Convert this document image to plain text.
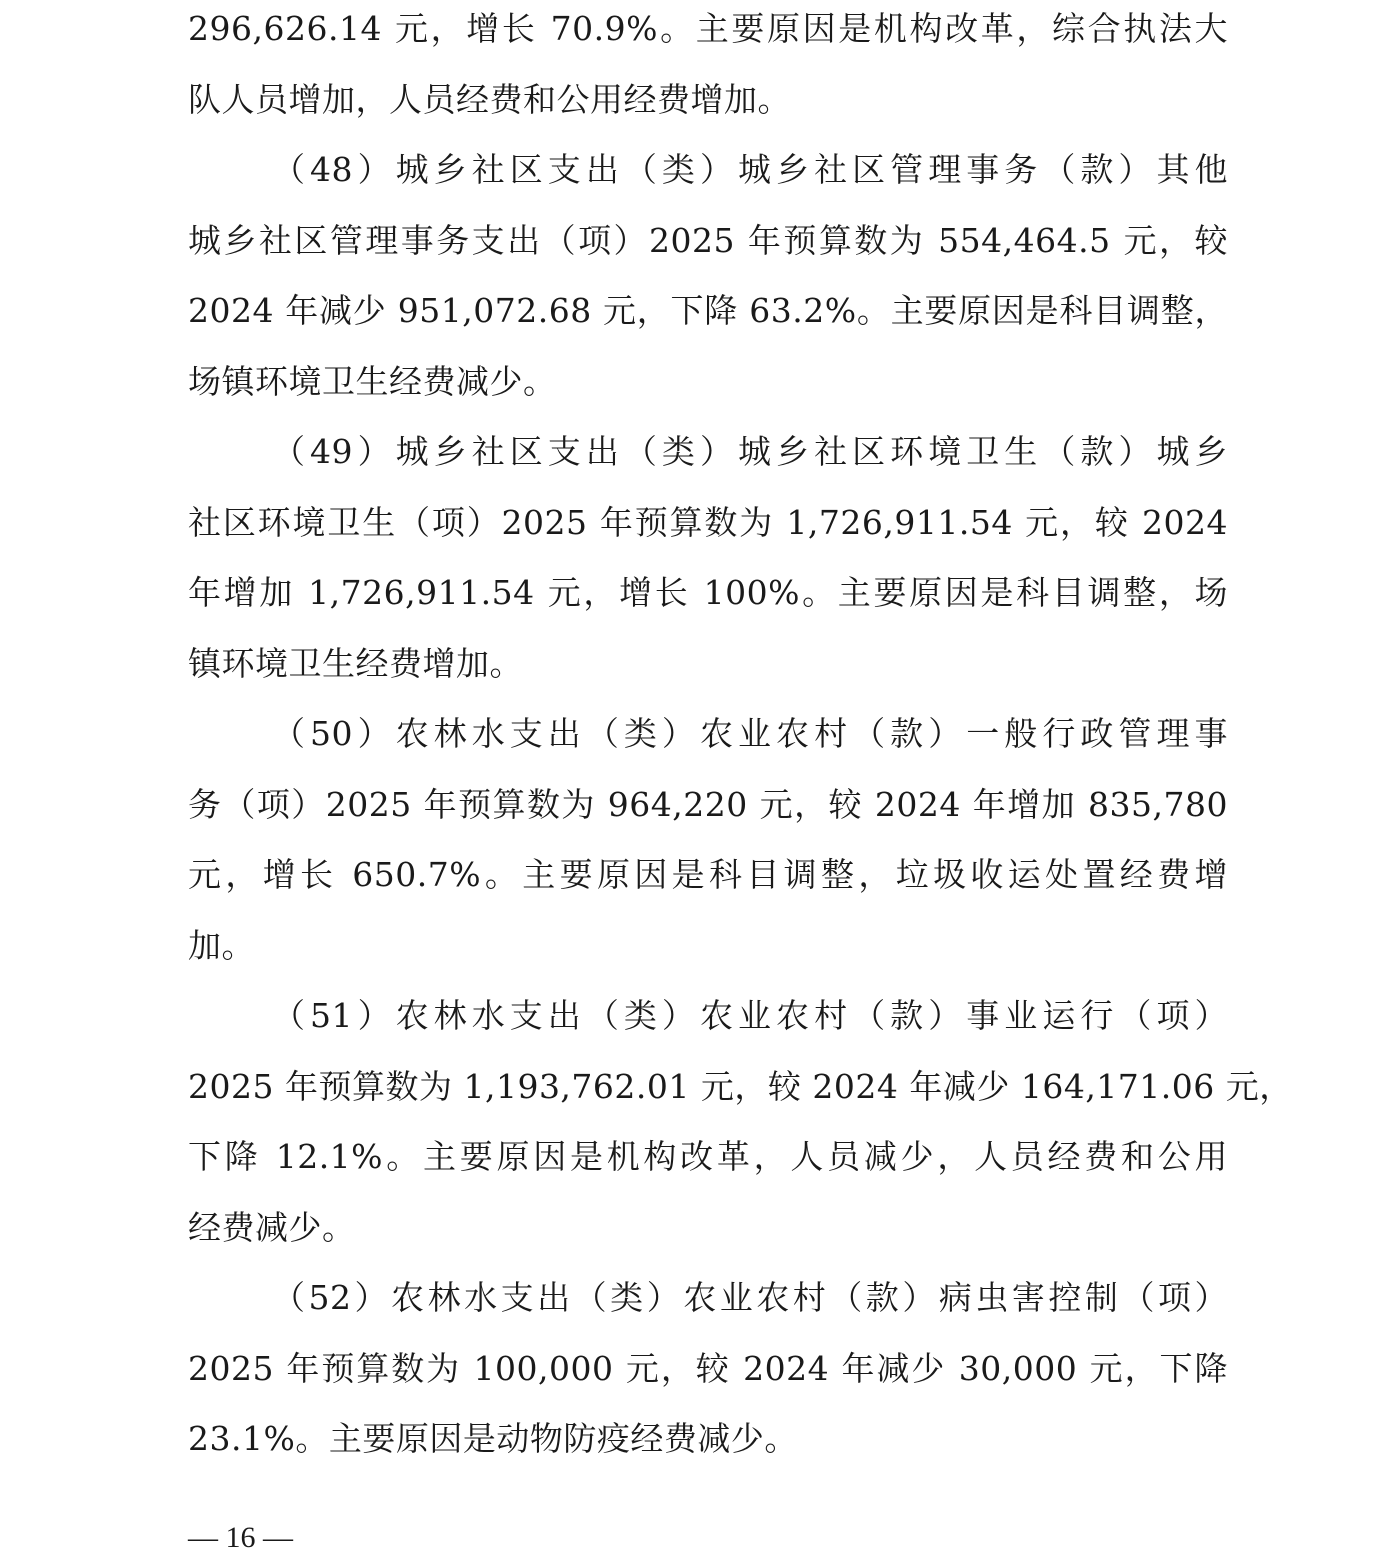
296,626.14 元，增长 70.9%。主要原因是机构改革，综合执法大
队人员增加，人员经费和公用经费增加。
（48）城乡社区支出（类）城乡社区管理事务（款）其他
城乡社区管理事务支出（项）2025 年预算数为 554,464.5 元，较
2024 年减少 951,072.68 元，下降 63.2%。主要原因是科目调整，
场镇环境卫生经费减少。
（49）城乡社区支出（类）城乡社区环境卫生（款）城乡
社区环境卫生（项）2025 年预算数为 1,726,911.54 元，较 2024
年增加 1,726,911.54 元，增长 100%。主要原因是科目调整，场
镇环境卫生经费增加。
（50）农林水支出（类）农业农村（款）一般行政管理事
务（项）2025 年预算数为 964,220 元，较 2024 年增加 835,780
元，增长 650.7%。主要原因是科目调整，垃圾收运处置经费增
加。
（51）农林水支出（类）农业农村（款）事业运行（项）
2025 年预算数为 1,193,762.01 元，较 2024 年减少 164,171.06 元，
下降 12.1%。主要原因是机构改革，人员减少，人员经费和公用
经费减少。
（52）农林水支出（类）农业农村（款）病虫害控制（项）
2025 年预算数为 100,000 元，较 2024 年减少 30,000 元，下降
23.1%。主要原因是动物防疫经费减少。
— 16 —
